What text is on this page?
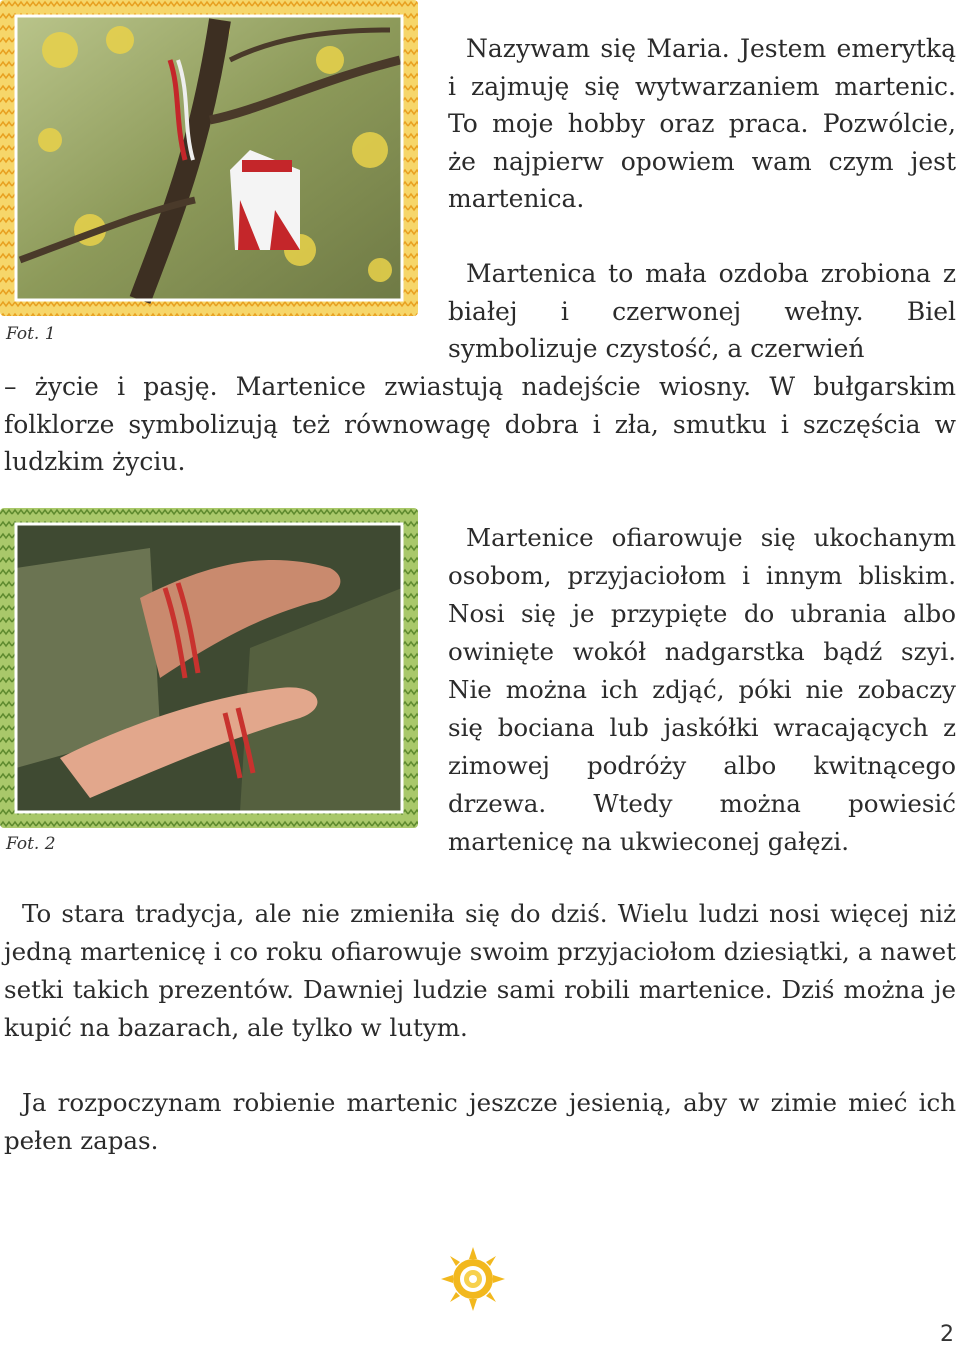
Fot. 1
Fot. 2

Nazywam się Maria. Jestem emerytką i zajmuję się wytwarzaniem martenic. To moje hobby oraz praca. Pozwólcie, że najpierw opowiem wam czym jest martenica.

Martenica to mała ozdoba zrobiona z białej i czerwonej wełny. Biel symbolizuje czystość, a czerwień

– życie i pasję. Martenice zwiastują nadejście wiosny. W bułgarskim folklorze symbolizują też równowagę dobra i zła, smutku i szczęścia w ludzkim życiu.

Martenice ofiarowuje się ukochanym osobom, przyjaciołom i innym bliskim. Nosi się je przypięte do ubrania albo owinięte wokół nadgarstka bądź szyi. Nie można ich zdjąć, póki nie zobaczy się bociana lub jaskółki wracających z zimowej podróży albo kwitnącego drzewa. Wtedy można powiesić martenicę na ukwieconej gałęzi.

To stara tradycja, ale nie zmieniła się do dziś. Wielu ludzi nosi więcej niż jedną martenicę i co roku ofiarowuje swoim przyjaciołom dziesiątki, a nawet setki takich prezentów. Dawniej ludzie sami robili martenice. Dziś można je kupić na bazarach, ale tylko w lutym.

Ja rozpoczynam robienie martenic jeszcze jesienią, aby w zimie mieć ich pełen zapas.

2
